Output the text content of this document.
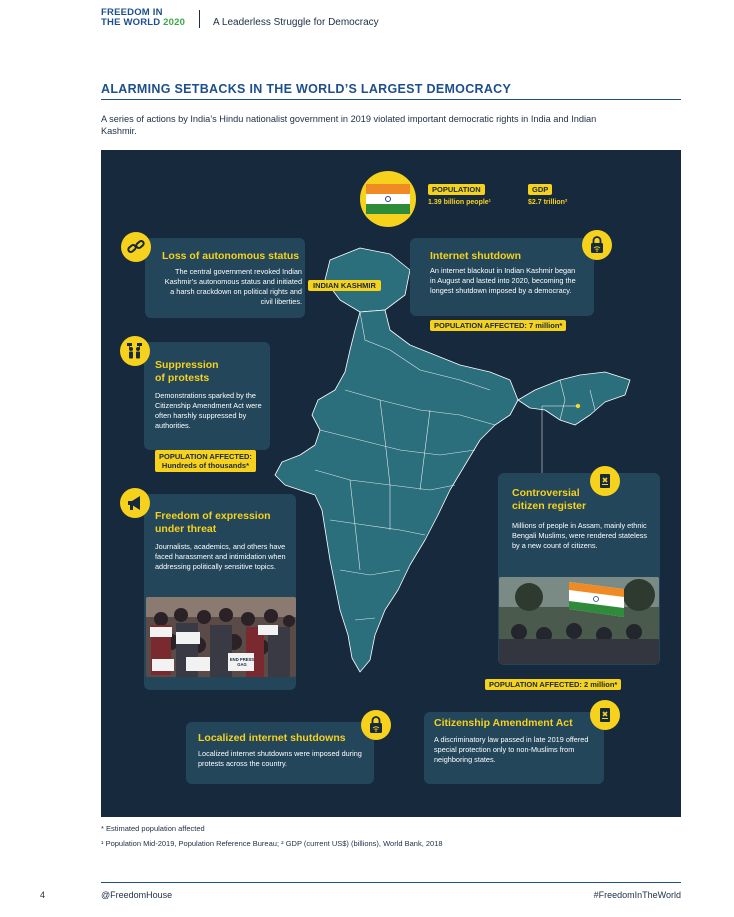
FREEDOM IN
THE WORLD 2020	A Leaderless Struggle for Democracy
ALARMING SETBACKS IN THE WORLD’S LARGEST DEMOCRACY
A series of actions by India’s Hindu nationalist government in 2019 violated important democratic rights in India and Indian Kashmir.
INDIAN KASHMIR
POPULATION
1.39 billion people¹
GDP
$2.7 trillion²
Loss of autonomous status
The central government revoked Indian Kashmir’s autonomous status and initiated a harsh crackdown on political rights and civil liberties.
Internet shutdown
An internet blackout in Indian Kashmir began in August and lasted into 2020, becoming the longest shutdown imposed by a democracy.
POPULATION AFFECTED: 7 million*
Suppression
of protests
Demonstrations sparked by the Citizenship Amendment Act were often harshly suppressed by authorities.
POPULATION AFFECTED:
Hundreds of thousands*
Freedom of expression
under threat
Journalists, academics, and others have faced harassment and intimidation when addressing politically sensitive topics.
END PRESS GAG
Controversial
citizen register
Millions of people in Assam, mainly ethnic Bengali Muslims, were rendered stateless by a new count of citizens.
POPULATION AFFECTED: 2 million*
Localized internet shutdowns
Localized internet shutdowns were imposed during protests across the country.
Citizenship Amendment Act
A discriminatory law passed in late 2019 offered special protection only to non-Muslims from neighboring states.
* Estimated population affected
¹ Population Mid-2019, Population Reference Bureau; ² GDP (current US$) (billions), World Bank, 2018
4	@FreedomHouse	#FreedomInTheWorld
